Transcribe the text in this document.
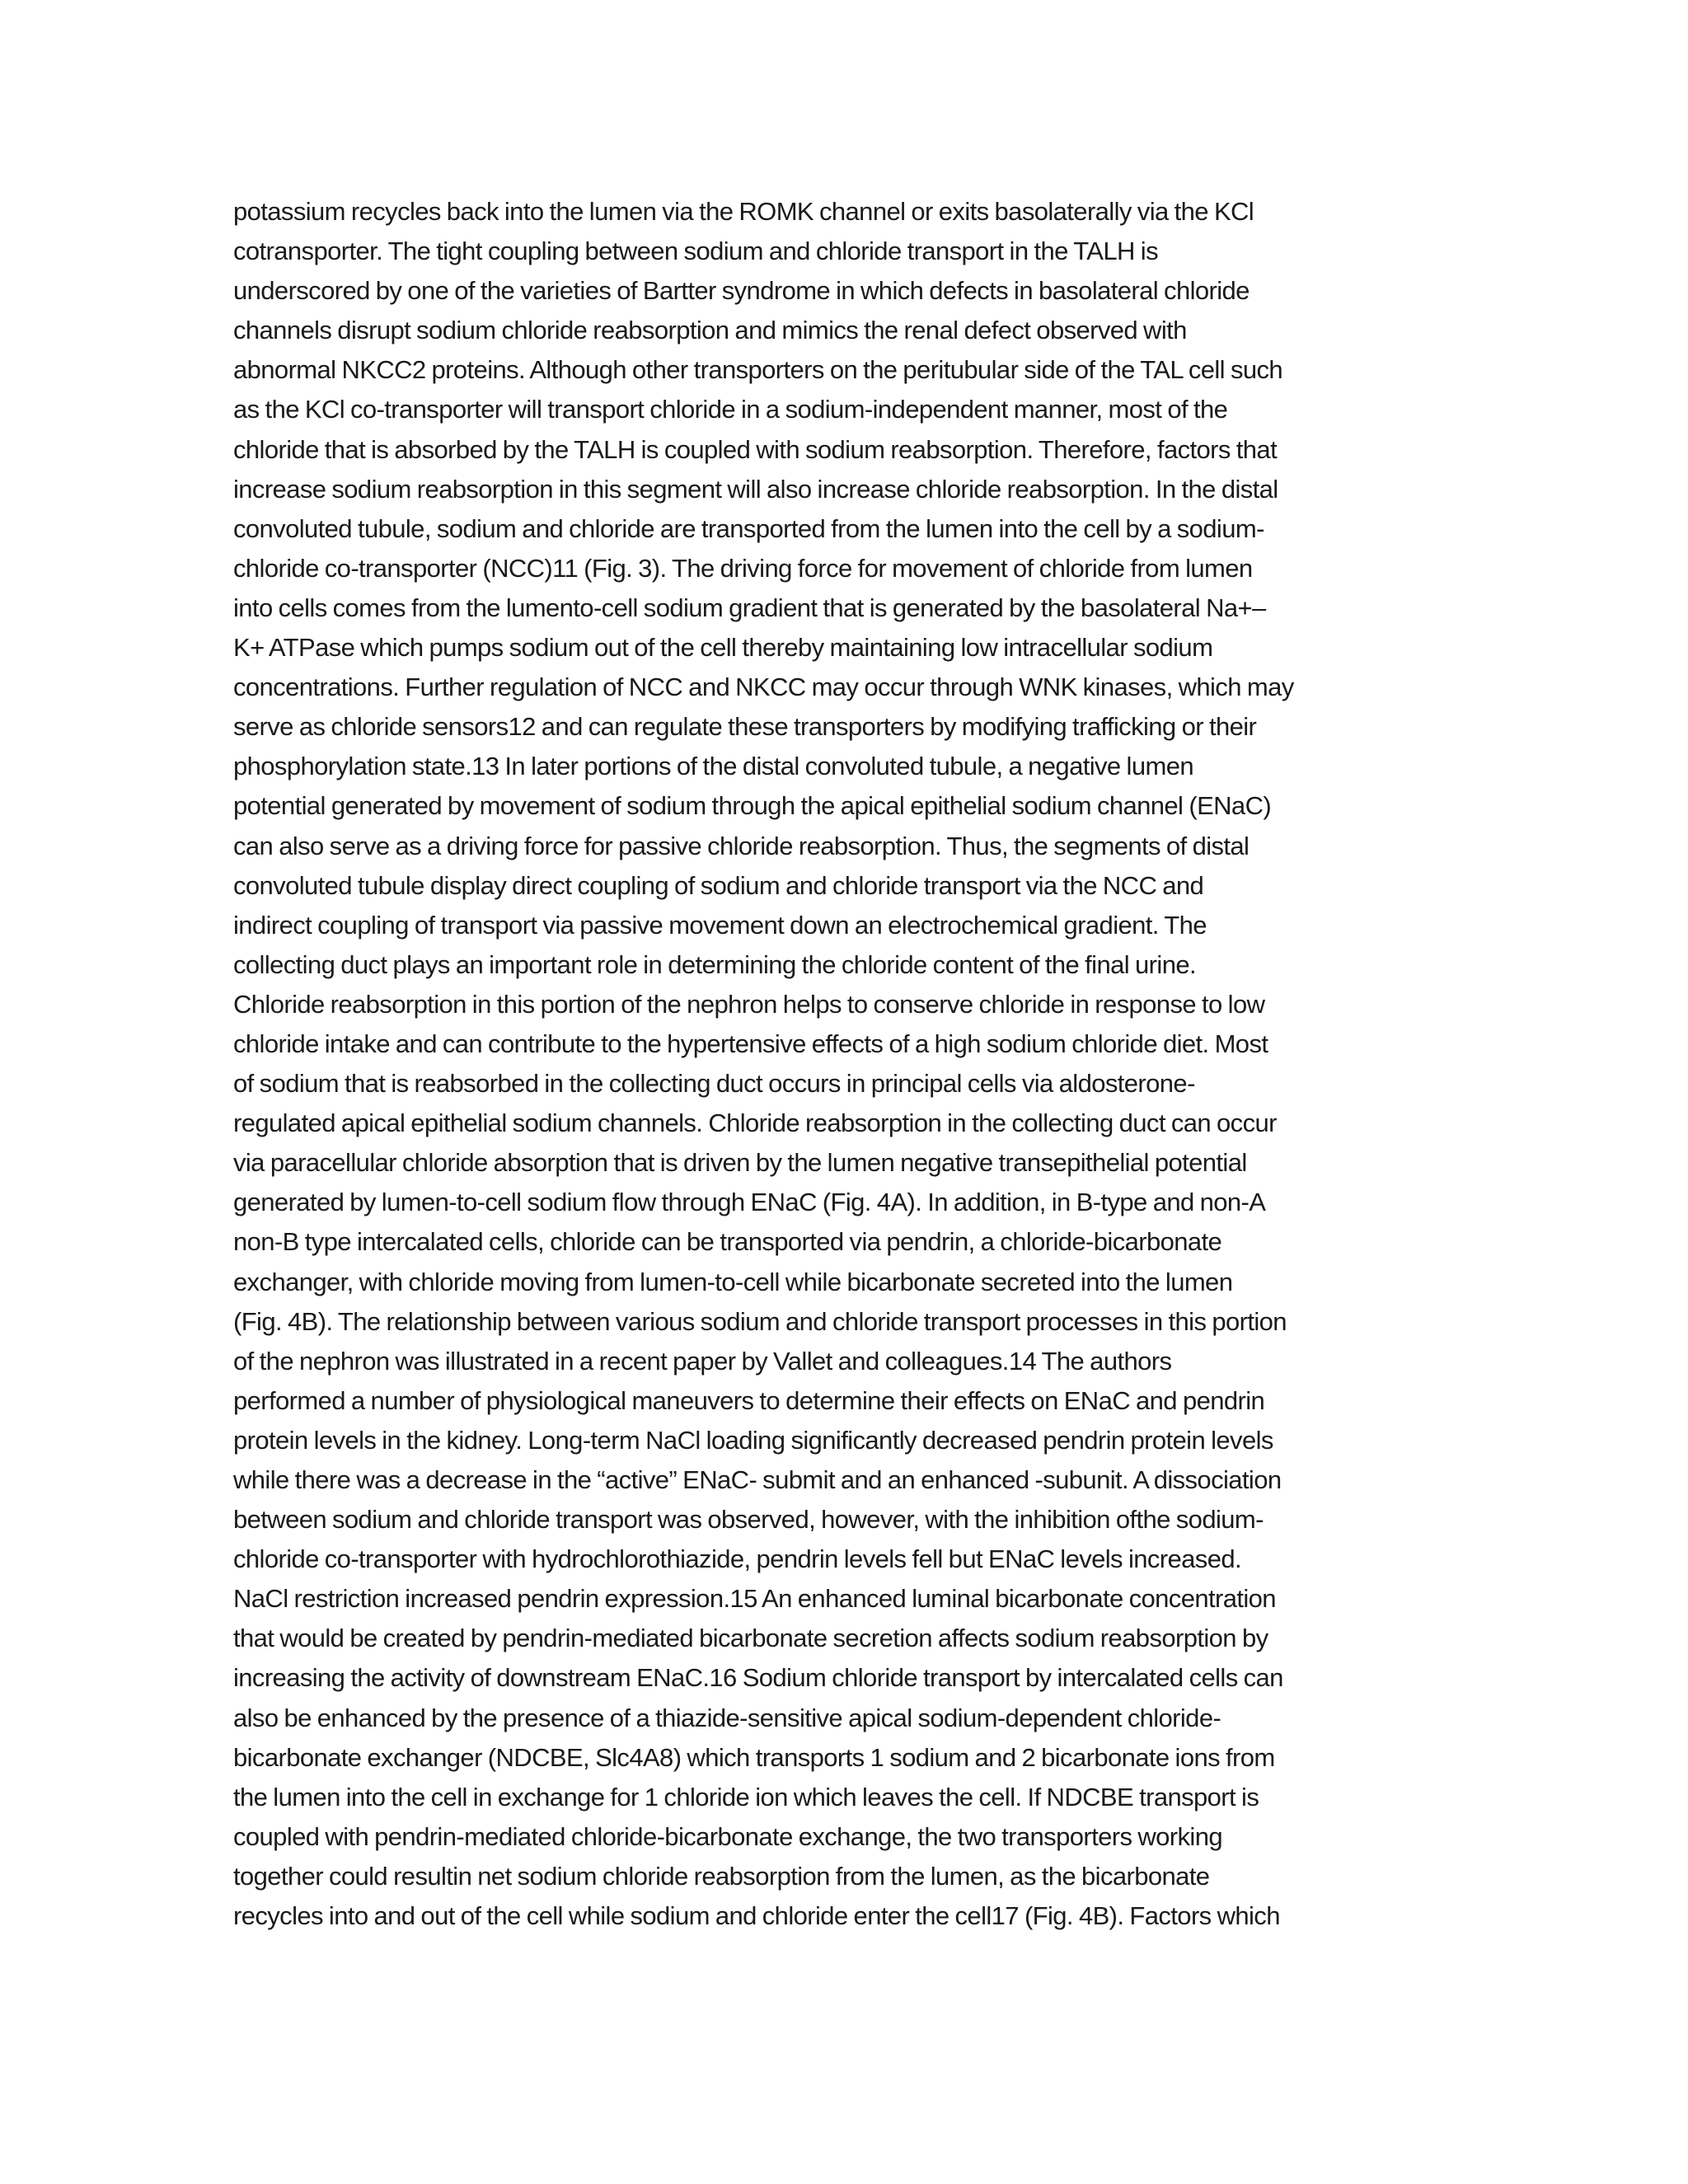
potassium recycles back into the lumen via the ROMK channel or exits basolaterally via the KCl
cotransporter. The tight coupling between sodium and chloride transport in the TALH is
underscored by one of the varieties of Bartter syndrome in which defects in basolateral chloride
channels disrupt sodium chloride reabsorption and mimics the renal defect observed with
abnormal NKCC2 proteins. Although other transporters on the peritubular side of the TAL cell such
as the KCl co-transporter will transport chloride in a sodium-independent manner, most of the
chloride that is absorbed by the TALH is coupled with sodium reabsorption. Therefore, factors that
increase sodium reabsorption in this segment will also increase chloride reabsorption. In the distal
convoluted tubule, sodium and chloride are transported from the lumen into the cell by a sodium-
chloride co-transporter (NCC)11 (Fig. 3). The driving force for movement of chloride from lumen
into cells comes from the lumento-cell sodium gradient that is generated by the basolateral Na+–
K+ ATPase which pumps sodium out of the cell thereby maintaining low intracellular sodium
concentrations. Further regulation of NCC and NKCC may occur through WNK kinases, which may
serve as chloride sensors12 and can regulate these transporters by modifying trafficking or their
phosphorylation state.13 In later portions of the distal convoluted tubule, a negative lumen
potential generated by movement of sodium through the apical epithelial sodium channel (ENaC)
can also serve as a driving force for passive chloride reabsorption. Thus, the segments of distal
convoluted tubule display direct coupling of sodium and chloride transport via the NCC and
indirect coupling of transport via passive movement down an electrochemical gradient. The
collecting duct plays an important role in determining the chloride content of the final urine.
Chloride reabsorption in this portion of the nephron helps to conserve chloride in response to low
chloride intake and can contribute to the hypertensive effects of a high sodium chloride diet. Most
of sodium that is reabsorbed in the collecting duct occurs in principal cells via aldosterone-
regulated apical epithelial sodium channels. Chloride reabsorption in the collecting duct can occur
via paracellular chloride absorption that is driven by the lumen negative transepithelial potential
generated by lumen-to-cell sodium flow through ENaC (Fig. 4A). In addition, in B-type and non-A
non-B type intercalated cells, chloride can be transported via pendrin, a chloride-bicarbonate
exchanger, with chloride moving from lumen-to-cell while bicarbonate secreted into the lumen
(Fig. 4B). The relationship between various sodium and chloride transport processes in this portion
of the nephron was illustrated in a recent paper by Vallet and colleagues.14 The authors
performed a number of physiological maneuvers to determine their effects on ENaC and pendrin
protein levels in the kidney. Long-term NaCl loading significantly decreased pendrin protein levels
while there was a decrease in the “active” ENaC- submit and an enhanced -subunit. A dissociation
between sodium and chloride transport was observed, however, with the inhibition ofthe sodium-
chloride co-transporter with hydrochlorothiazide, pendrin levels fell but ENaC levels increased.
NaCl restriction increased pendrin expression.15 An enhanced luminal bicarbonate concentration
that would be created by pendrin-mediated bicarbonate secretion affects sodium reabsorption by
increasing the activity of downstream ENaC.16 Sodium chloride transport by intercalated cells can
also be enhanced by the presence of a thiazide-sensitive apical sodium-dependent chloride-
bicarbonate exchanger (NDCBE, Slc4A8) which transports 1 sodium and 2 bicarbonate ions from
the lumen into the cell in exchange for 1 chloride ion which leaves the cell. If NDCBE transport is
coupled with pendrin-mediated chloride-bicarbonate exchange, the two transporters working
together could resultin net sodium chloride reabsorption from the lumen, as the bicarbonate
recycles into and out of the cell while sodium and chloride enter the cell17 (Fig. 4B). Factors which
